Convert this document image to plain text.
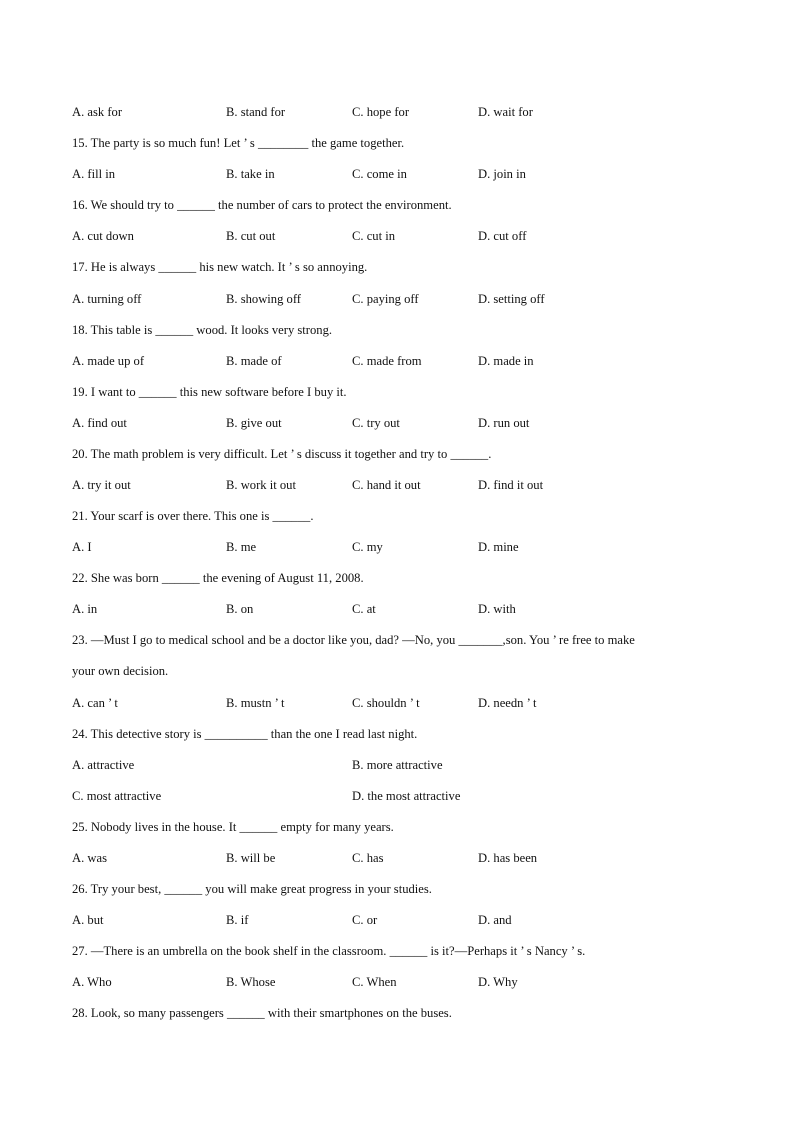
A. ask for	B. stand for	C. hope for	D. wait for
15. The party is so much fun! Let ’ s ________ the game together.
A. fill in	B. take in	C. come in	D. join in
16. We should try to ______ the number of cars to protect the environment.
A. cut down	B. cut out	C. cut in	D. cut off
17. He is always ______ his new watch. It ’ s so annoying.
A. turning off	B. showing off	C. paying off	D. setting off
18. This table is ______ wood. It looks very strong.
A. made up of	B. made of	C. made from	D. made in
19. I want to ______ this new software before I buy it.
A. find out	B. give out	C. try out	D. run out
20. The math problem is very difficult. Let ’ s discuss it together and try to ______.
A. try it out	B. work it out	C. hand it out	D. find it out
21. Your scarf is over there. This one is ______.
A. I	B. me	C. my	D. mine
22. She was born ______ the evening of August 11, 2008.
A. in	B. on	C. at	D. with
23. —Must I go to medical school and be a doctor like you, dad? —No, you _______,son. You ’ re free to make
your own decision.
A. can ’ t	B. mustn ’ t	C. shouldn ’ t	D. needn ’ t
24. This detective story is __________ than the one I read last night.
A. attractive	B. more attractive
C. most attractive	D. the most attractive
25. Nobody lives in the house. It ______ empty for many years.
A. was	B. will be	C. has	D. has been
26. Try your best, ______ you will make great progress in your studies.
A. but	B. if	C. or	D. and
27. —There is an umbrella on the book shelf in the classroom. ______ is it?—Perhaps it ’ s Nancy ’ s.
A. Who	B. Whose	C. When	D. Why
28. Look, so many passengers ______ with their smartphones on the buses.
